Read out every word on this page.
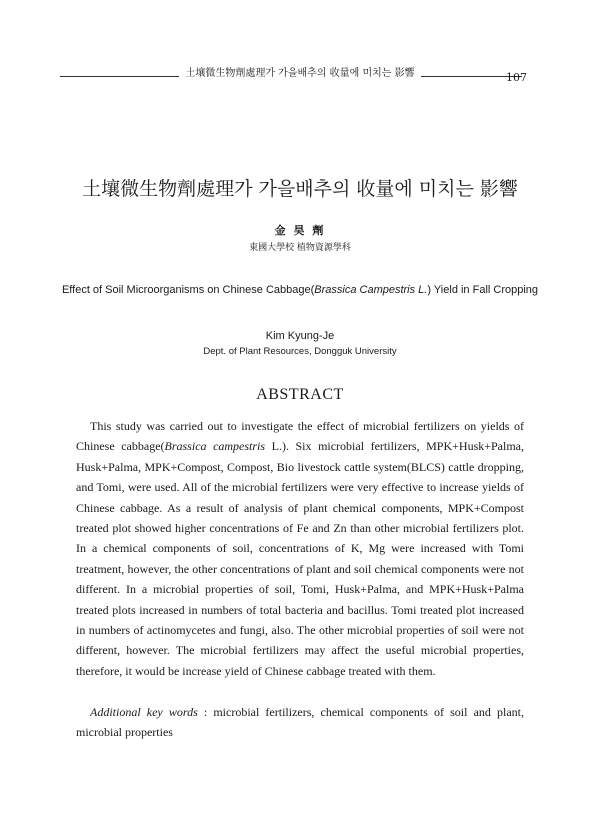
土壤微生物劑處理가 가을배추의 收量에 미치는 影響	107
土壤微生物劑處理가 가을배추의 收量에 미치는 影響
金 昊 劑
東國大學校 植物資源學科
Effect of Soil Microorganisms on Chinese Cabbage(Brassica Campestris L.) Yield in Fall Cropping
Kim Kyung-Je
Dept. of Plant Resources, Dongguk University
ABSTRACT

This study was carried out to investigate the effect of microbial fertilizers on yields of Chinese cabbage(Brassica campestris L.). Six microbial fertilizers, MPK+Husk+Palma, Husk+Palma, MPK+Compost, Compost, Bio livestock cattle system(BLCS) cattle dropping, and Tomi, were used. All of the microbial fertilizers were very effective to increase yields of Chinese cabbage. As a result of analysis of plant chemical components, MPK+Compost treated plot showed higher concentrations of Fe and Zn than other microbial fertilizers plot. In a chemical components of soil, concentrations of K, Mg were increased with Tomi treatment, however, the other concentrations of plant and soil chemical components were not different. In a microbial properties of soil, Tomi, Husk+Palma, and MPK+Husk+Palma treated plots increased in numbers of total bacteria and bacillus. Tomi treated plot increased in numbers of actinomycetes and fungi, also. The other microbial properties of soil were not different, however. The microbial fertilizers may affect the useful microbial properties, therefore, it would be increase yield of Chinese cabbage treated with them.

Additional key words : microbial fertilizers, chemical components of soil and plant, microbial properties
